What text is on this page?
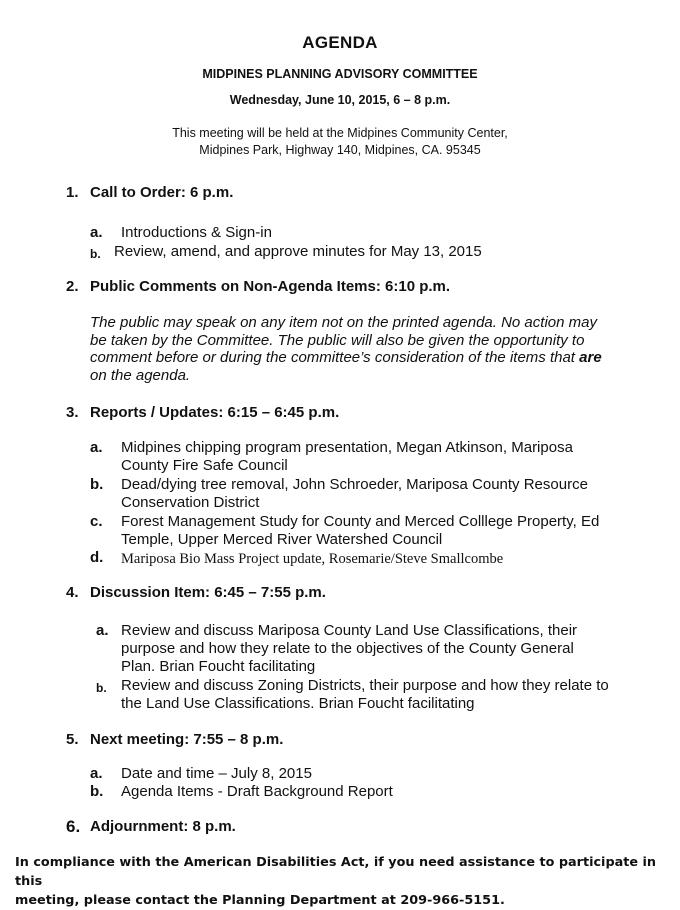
AGENDA
MIDPINES PLANNING ADVISORY COMMITTEE
Wednesday, June 10, 2015, 6 – 8 p.m.
This meeting will be held at the Midpines Community Center,
Midpines Park, Highway 140, Midpines, CA. 95345
1. Call to Order: 6 p.m.
a. Introductions & Sign-in
b. Review, amend, and approve minutes for May 13, 2015
2. Public Comments on Non-Agenda Items: 6:10 p.m.
The public may speak on any item not on the printed agenda. No action may
be taken by the Committee. The public will also be given the opportunity to
comment before or during the committee’s consideration of the items that are
on the agenda.
3. Reports / Updates: 6:15 – 6:45 p.m.
a. Midpines chipping program presentation, Megan Atkinson, Mariposa
County Fire Safe Council
b. Dead/dying tree removal, John Schroeder, Mariposa County Resource
Conservation District
c. Forest Management Study for County and Merced Colllege Property, Ed
Temple, Upper Merced River Watershed Council
d. Mariposa Bio Mass Project update, Rosemarie/Steve Smallcombe
4. Discussion Item: 6:45 – 7:55 p.m.
a. Review and discuss Mariposa County Land Use Classifications, their
purpose and how they relate to the objectives of the County General
Plan. Brian Foucht facilitating
b. Review and discuss Zoning Districts, their purpose and how they relate to
the Land Use Classifications. Brian Foucht facilitating
5. Next meeting: 7:55 – 8 p.m.
a. Date and time – July 8, 2015
b. Agenda Items - Draft Background Report
6. Adjournment: 8 p.m.
In compliance with the American Disabilities Act, if you need assistance to participate in this
meeting, please contact the Planning Department at 209-966-5151.
